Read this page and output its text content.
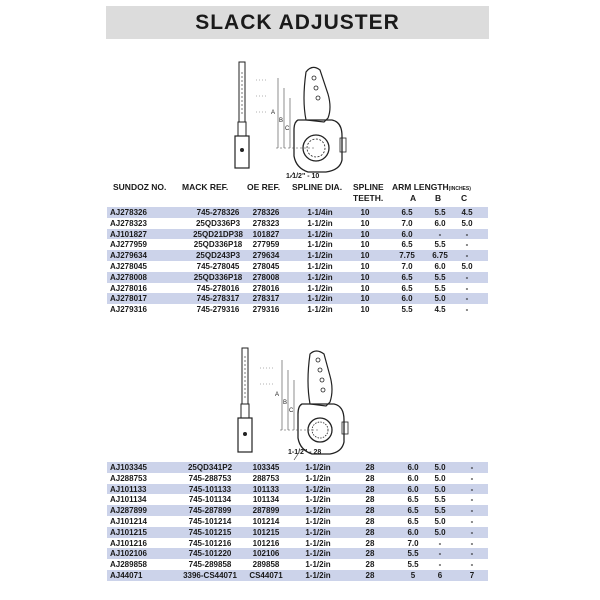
SLACK ADJUSTER
A
B
C
1-1/2" - 10
SUNDOZ NO. MACK REF. OE REF. SPLINE DIA. SPLINE
TEETH.
ARM LENGTH(INCHES)
A B C
AJ278326	745-278326	278326	1-1/4in	10	6.5	5.5	4.5
AJ278323	25QD336P3	278323	1-1/2in	10	7.0	6.0	5.0
AJ101827	25QD21DP38	101827	1-1/2in	10	6.0	-	-
AJ277959	25QD336P18	277959	1-1/2in	10	6.5	5.5	-
AJ279634	25QD243P3	279634	1-1/2in	10	7.75	6.75	-
AJ278045	745-278045	278045	1-1/2in	10	7.0	6.0	5.0
AJ278008	25QD336P18	278008	1-1/2in	10	6.5	5.5	-
AJ278016	745-278016	278016	1-1/2in	10	6.5	5.5	-
AJ278017	745-278317	278317	1-1/2in	10	6.0	5.0	-
AJ279316	745-279316	279316	1-1/2in	10	5.5	4.5	-
A
B
C
1-1/2" - 28
AJ103345	25QD341P2	103345	1-1/2in	28	6.0	5.0	-
AJ288753	745-288753	288753	1-1/2in	28	6.0	5.0	-
AJ101133	745-101133	101133	1-1/2in	28	6.0	5.0	-
AJ101134	745-101134	101134	1-1/2in	28	6.5	5.5	-
AJ287899	745-287899	287899	1-1/2in	28	6.5	5.5	-
AJ101214	745-101214	101214	1-1/2in	28	6.5	5.0	-
AJ101215	745-101215	101215	1-1/2in	28	6.0	5.0	-
AJ101216	745-101216	101216	1-1/2in	28	7.0	-	-
AJ102106	745-101220	102106	1-1/2in	28	5.5	-	-
AJ289858	745-289858	289858	1-1/2in	28	5.5	-	-
AJ44071	3396-CS44071	CS44071	1-1/2in	28	5	6	7
